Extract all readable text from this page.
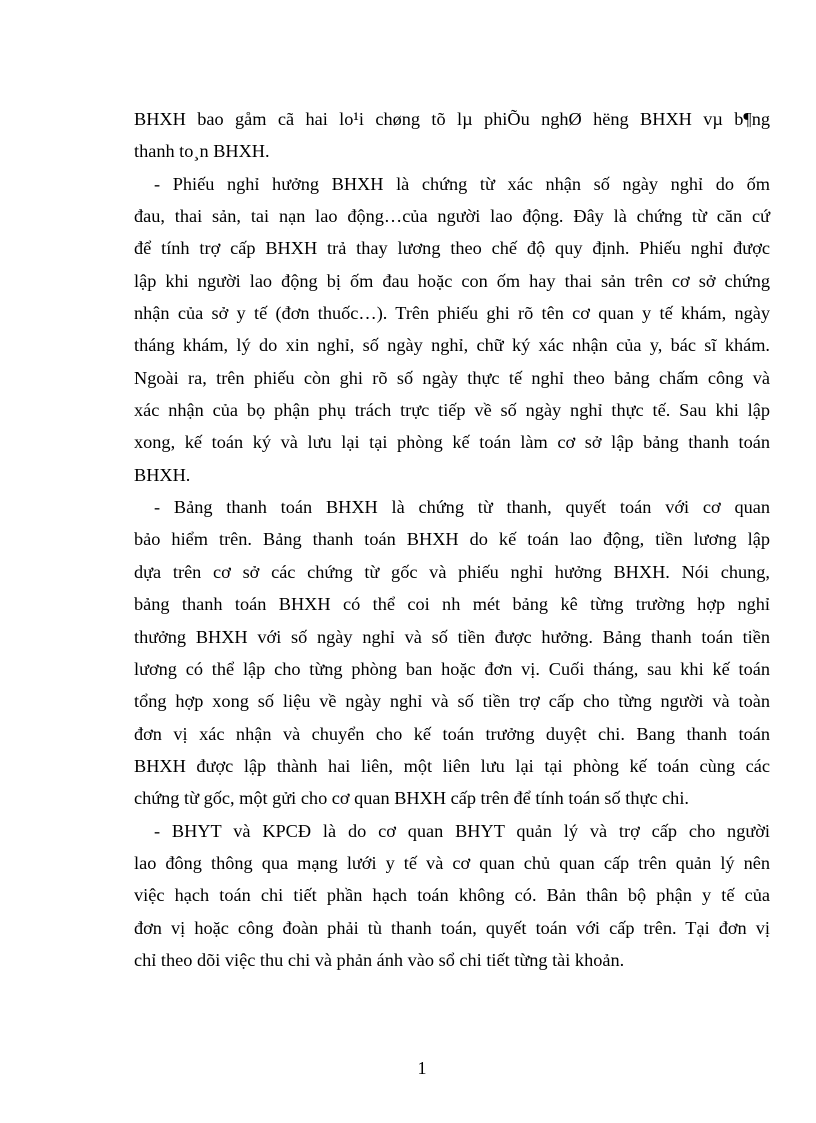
BHXH bao gåm cã hai lo¹i chøng tõ lµ phiÕu nghØ hëng BHXH vµ b¶ng
thanh to¸n BHXH.
- Phiếu nghỉ hưởng BHXH là chứng từ xác nhận số ngày nghỉ do ốm
đau, thai sản, tai nạn lao động…của người lao động. Đây là chứng từ căn cứ
để tính trợ cấp BHXH trả thay lương theo chế độ quy định. Phiếu nghỉ được
lập khi người lao động bị ốm đau hoặc con ốm hay thai sản trên cơ sở chứng
nhận của sở y tế (đơn thuốc…). Trên phiếu ghi rõ tên cơ quan y tế khám, ngày
tháng khám, lý do xin nghỉ, số ngày nghỉ, chữ ký xác nhận của y, bác sĩ khám.
Ngoài ra, trên phiếu còn ghi rõ số ngày thực tế nghỉ theo bảng chấm công và
xác nhận của bọ phận phụ trách trực tiếp về số ngày nghỉ thực tế. Sau khi lập
xong, kế toán ký và lưu lại tại phòng kế toán làm cơ sở lập bảng thanh toán
BHXH.
- Bảng thanh toán BHXH là chứng từ thanh, quyết toán với cơ quan
bảo hiểm trên. Bảng thanh toán BHXH do kế toán lao động, tiền lương lập
dựa trên cơ sở các chứng từ gốc và phiếu nghỉ hưởng BHXH. Nói chung,
bảng thanh toán BHXH có thể coi nh mét bảng kê từng trường hợp nghỉ
thưởng BHXH với số ngày nghỉ và số tiền được hưởng. Bảng thanh toán tiền
lương có thể lập cho từng phòng ban hoặc đơn vị. Cuối tháng, sau khi kế toán
tổng hợp xong số liệu về ngày nghỉ và số tiền trợ cấp cho từng người và toàn
đơn vị xác nhận và chuyển cho kế toán trưởng duyệt chi. Bang thanh toán
BHXH được lập thành hai liên, một liên lưu lại tại phòng kế toán cùng các
chứng từ gốc, một gửi cho cơ quan BHXH cấp trên để tính toán số thực chi.
- BHYT và KPCĐ là do cơ quan BHYT quản lý và trợ cấp cho người
lao đông thông qua mạng lưới y tế và cơ quan chủ quan cấp trên quản lý nên
việc hạch toán chi tiết phần hạch toán không có. Bản thân bộ phận y tế của
đơn vị hoặc công đoàn phải tù thanh toán, quyết toán với cấp trên. Tại đơn vị
chỉ theo dõi việc thu chi và phản ánh vào sổ chi tiết từng tài khoản.
1
